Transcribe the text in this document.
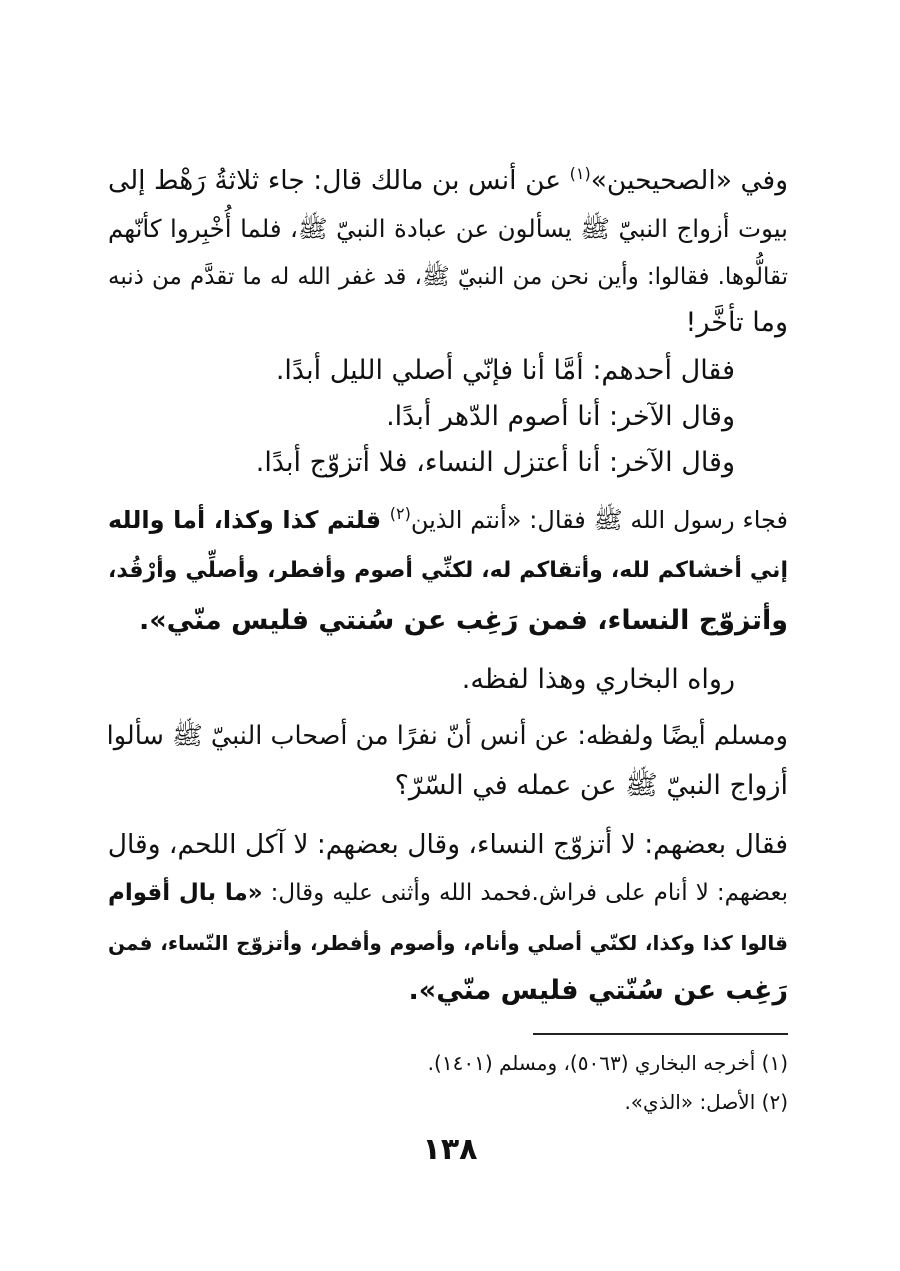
وفي «الصحيحين»$^{(١)}$ عن أنس بن مالك قال: جاء ثلاثةُ رَهْط إلى
بيوت أزواج النبيّ ﷺ يسألون عن عبادة النبيّ ﷺ، فلما أُخْبِروا كأنّهم
تقالُّوها. فقالوا: وأين نحن من النبيّ ﷺ، قد غفر الله له ما تقدَّم من ذنبه
وما تأخَّر!
فقال أحدهم: أمَّا أنا فإنّي أصلي الليل أبدًا.
وقال الآخر: أنا أصوم الدّهر أبدًا.
وقال الآخر: أنا أعتزل النساء، فلا أتزوّج أبدًا.
فجاء رسول الله ﷺ فقال: «أنتم الذين$^{(٢)}$ قلتم كذا وكذا، أما والله
إني أخشاكم لله، وأتقاكم له، لكنِّي أصوم وأفطر، وأصلِّي وأرْقُد،
وأتزوّج النساء، فمن رَغِب عن سُنتي فليس منّي».
رواه البخاري وهذا لفظه.
ومسلم أيضًا ولفظه: عن أنس أنّ نفرًا من أصحاب النبيّ ﷺ سألوا
أزواج النبيّ ﷺ عن عمله في السّرّ؟
فقال بعضهم: لا أتزوّج النساء، وقال بعضهم: لا آكل اللحم، وقال
بعضهم: لا أنام على فراش.فحمد الله وأثنى عليه وقال: «ما بال أقوام
قالوا كذا وكذا، لكنّي أصلي وأنام، وأصوم وأفطر، وأتزوّج النّساء، فمن
رَغِب عن سُنّتي فليس منّي».
(١) أخرجه البخاري (٥٠٦٣)، ومسلم (١٤٠١).
(٢) الأصل: «الذي».
١٣٨
